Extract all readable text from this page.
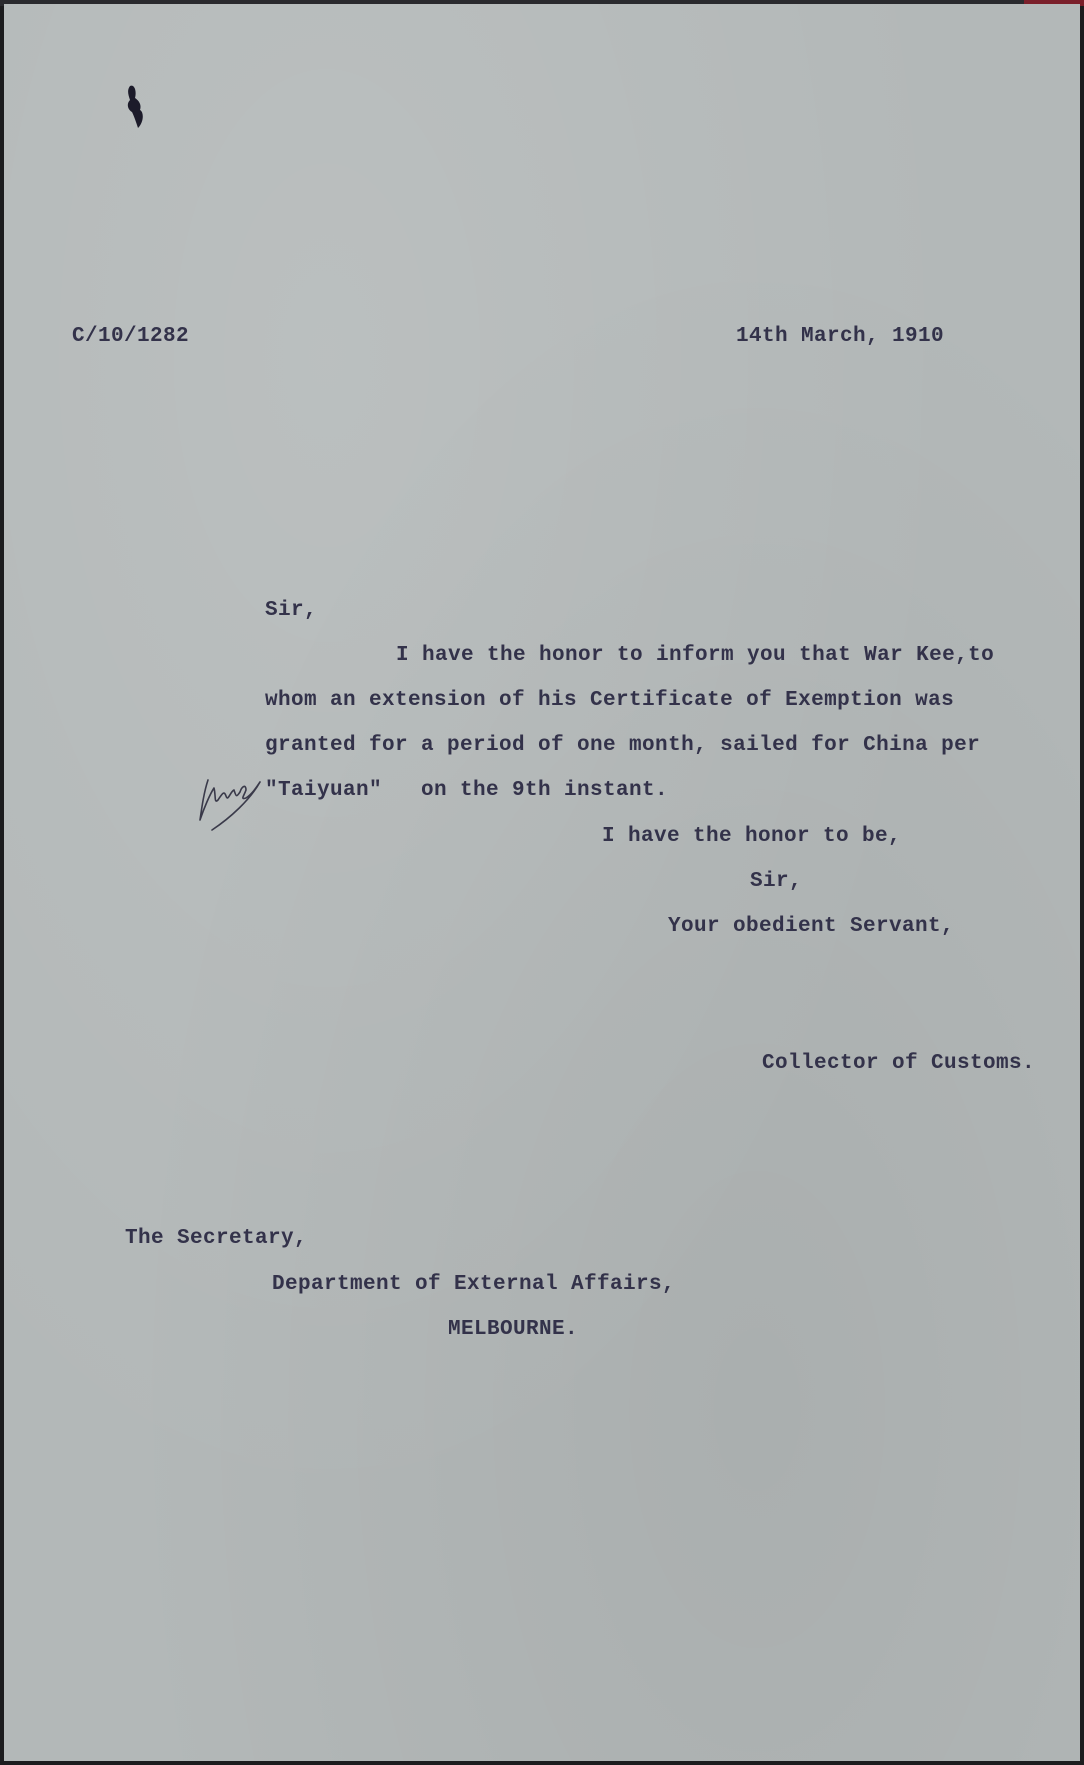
C/10/1282	14th March, 1910
Sir,
I have the honor to inform you that War Kee,to
whom an extension of his Certificate of Exemption was
granted for a period of one month, sailed for China per
"Taiyuan"   on the 9th instant.
I have the honor to be,
Sir,
Your obedient Servant,
Collector of Customs.
The Secretary,
Department of External Affairs,
MELBOURNE.
